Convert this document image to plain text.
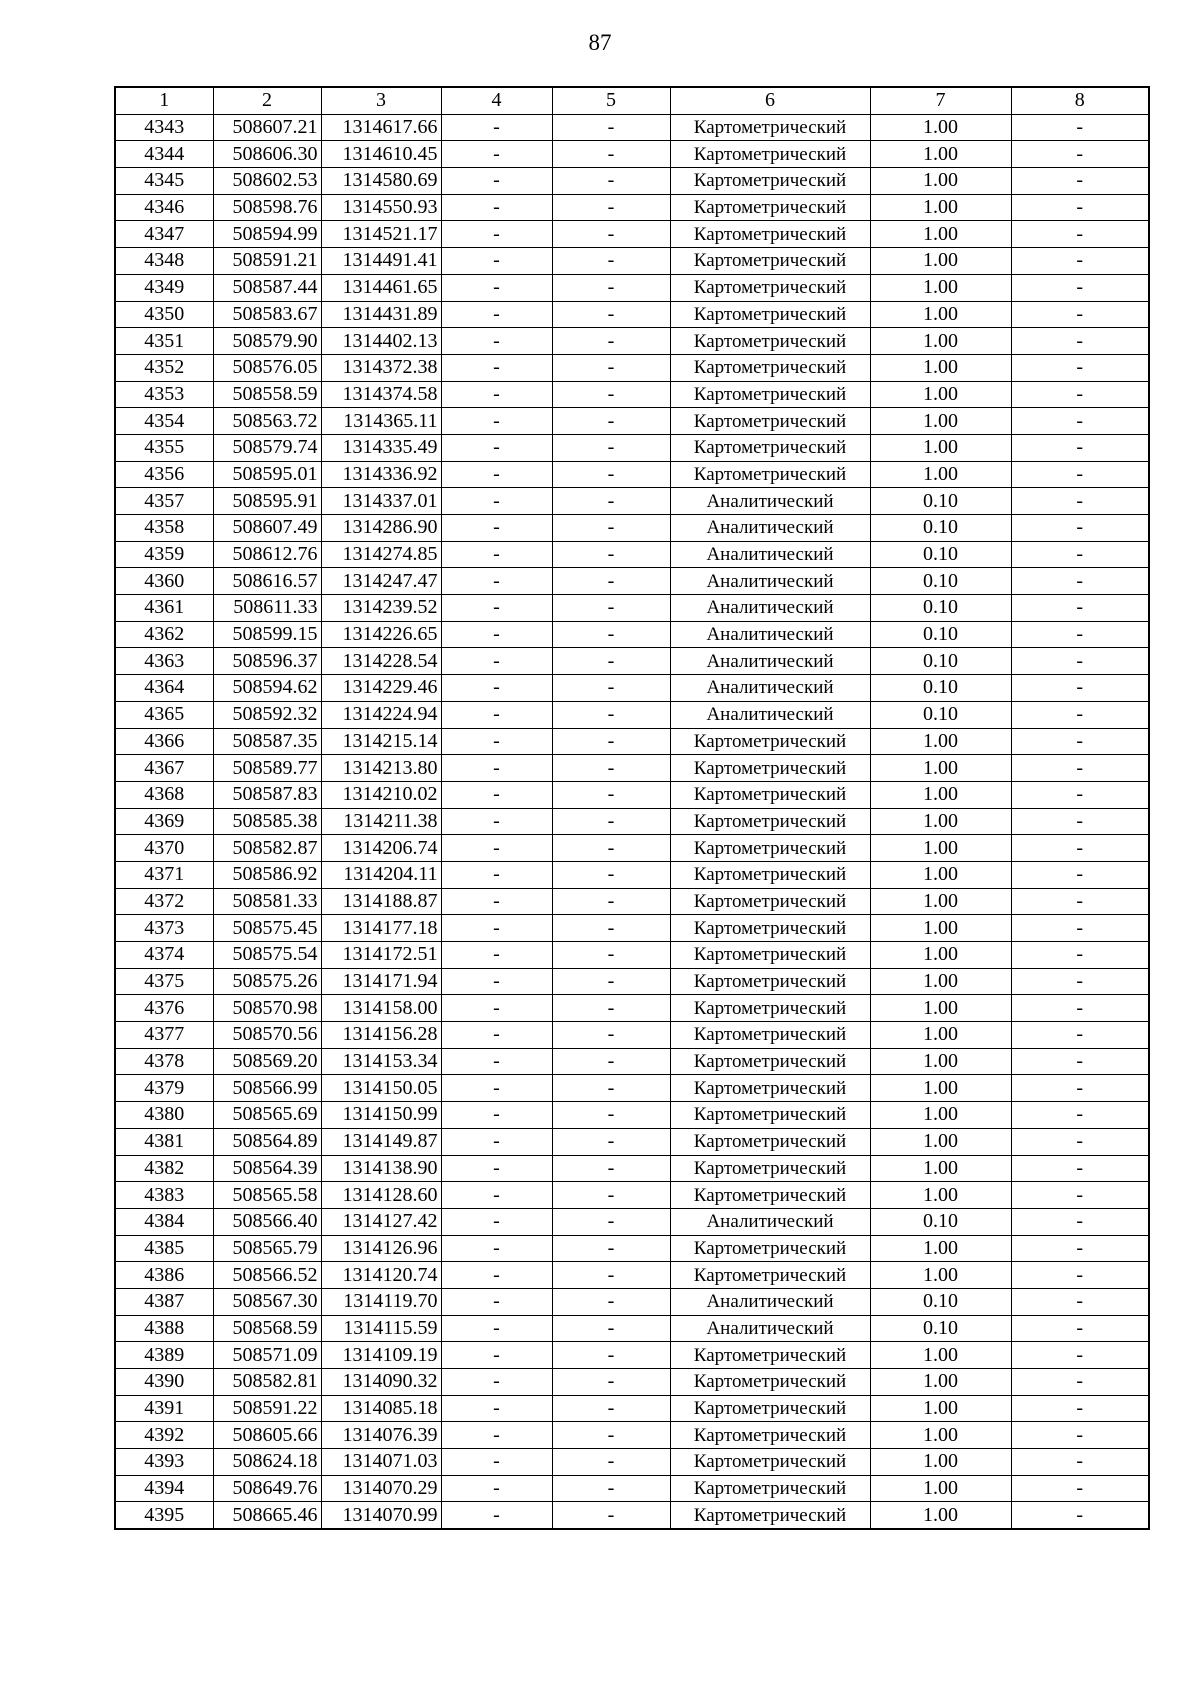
87
1	2	3	4	5	6	7	8
4343	508607.21	1314617.66	-	-	Картометрический	1.00	-
4344	508606.30	1314610.45	-	-	Картометрический	1.00	-
4345	508602.53	1314580.69	-	-	Картометрический	1.00	-
4346	508598.76	1314550.93	-	-	Картометрический	1.00	-
4347	508594.99	1314521.17	-	-	Картометрический	1.00	-
4348	508591.21	1314491.41	-	-	Картометрический	1.00	-
4349	508587.44	1314461.65	-	-	Картометрический	1.00	-
4350	508583.67	1314431.89	-	-	Картометрический	1.00	-
4351	508579.90	1314402.13	-	-	Картометрический	1.00	-
4352	508576.05	1314372.38	-	-	Картометрический	1.00	-
4353	508558.59	1314374.58	-	-	Картометрический	1.00	-
4354	508563.72	1314365.11	-	-	Картометрический	1.00	-
4355	508579.74	1314335.49	-	-	Картометрический	1.00	-
4356	508595.01	1314336.92	-	-	Картометрический	1.00	-
4357	508595.91	1314337.01	-	-	Аналитический	0.10	-
4358	508607.49	1314286.90	-	-	Аналитический	0.10	-
4359	508612.76	1314274.85	-	-	Аналитический	0.10	-
4360	508616.57	1314247.47	-	-	Аналитический	0.10	-
4361	508611.33	1314239.52	-	-	Аналитический	0.10	-
4362	508599.15	1314226.65	-	-	Аналитический	0.10	-
4363	508596.37	1314228.54	-	-	Аналитический	0.10	-
4364	508594.62	1314229.46	-	-	Аналитический	0.10	-
4365	508592.32	1314224.94	-	-	Аналитический	0.10	-
4366	508587.35	1314215.14	-	-	Картометрический	1.00	-
4367	508589.77	1314213.80	-	-	Картометрический	1.00	-
4368	508587.83	1314210.02	-	-	Картометрический	1.00	-
4369	508585.38	1314211.38	-	-	Картометрический	1.00	-
4370	508582.87	1314206.74	-	-	Картометрический	1.00	-
4371	508586.92	1314204.11	-	-	Картометрический	1.00	-
4372	508581.33	1314188.87	-	-	Картометрический	1.00	-
4373	508575.45	1314177.18	-	-	Картометрический	1.00	-
4374	508575.54	1314172.51	-	-	Картометрический	1.00	-
4375	508575.26	1314171.94	-	-	Картометрический	1.00	-
4376	508570.98	1314158.00	-	-	Картометрический	1.00	-
4377	508570.56	1314156.28	-	-	Картометрический	1.00	-
4378	508569.20	1314153.34	-	-	Картометрический	1.00	-
4379	508566.99	1314150.05	-	-	Картометрический	1.00	-
4380	508565.69	1314150.99	-	-	Картометрический	1.00	-
4381	508564.89	1314149.87	-	-	Картометрический	1.00	-
4382	508564.39	1314138.90	-	-	Картометрический	1.00	-
4383	508565.58	1314128.60	-	-	Картометрический	1.00	-
4384	508566.40	1314127.42	-	-	Аналитический	0.10	-
4385	508565.79	1314126.96	-	-	Картометрический	1.00	-
4386	508566.52	1314120.74	-	-	Картометрический	1.00	-
4387	508567.30	1314119.70	-	-	Аналитический	0.10	-
4388	508568.59	1314115.59	-	-	Аналитический	0.10	-
4389	508571.09	1314109.19	-	-	Картометрический	1.00	-
4390	508582.81	1314090.32	-	-	Картометрический	1.00	-
4391	508591.22	1314085.18	-	-	Картометрический	1.00	-
4392	508605.66	1314076.39	-	-	Картометрический	1.00	-
4393	508624.18	1314071.03	-	-	Картометрический	1.00	-
4394	508649.76	1314070.29	-	-	Картометрический	1.00	-
4395	508665.46	1314070.99	-	-	Картометрический	1.00	-
